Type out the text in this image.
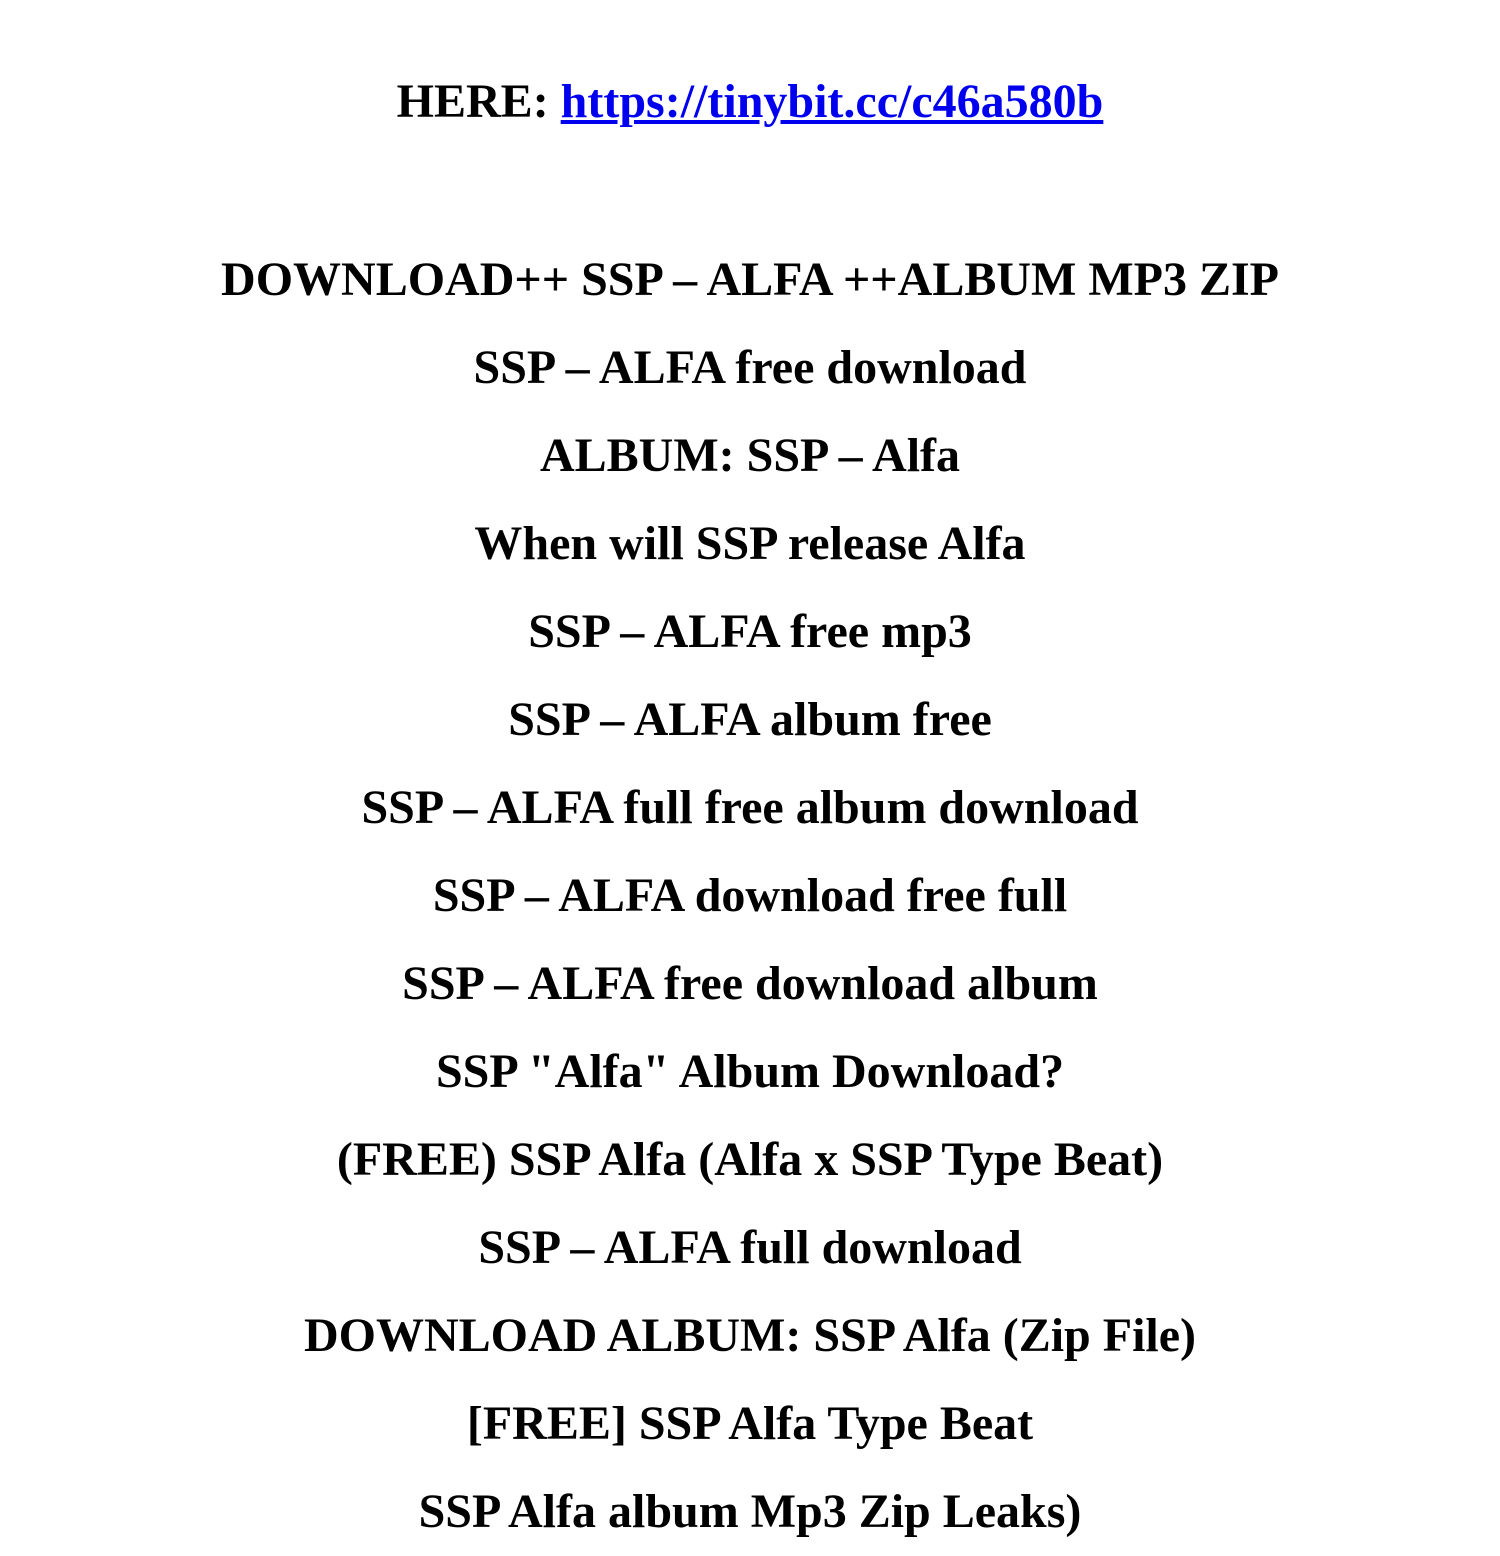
HERE: https://tinybit.cc/c46a580b
DOWNLOAD++ SSP – ALFA ++ALBUM MP3 ZIP
SSP – ALFA free download
ALBUM: SSP – Alfa
When will SSP release Alfa
SSP – ALFA free mp3
SSP – ALFA album free
SSP – ALFA full free album download
SSP – ALFA download free full
SSP – ALFA free download album
SSP "Alfa" Album Download?
(FREE) SSP Alfa (Alfa x SSP Type Beat)
SSP – ALFA full download
DOWNLOAD ALBUM: SSP Alfa (Zip File)
[FREE] SSP Alfa Type Beat
SSP Alfa album Mp3 Zip Leaks)
